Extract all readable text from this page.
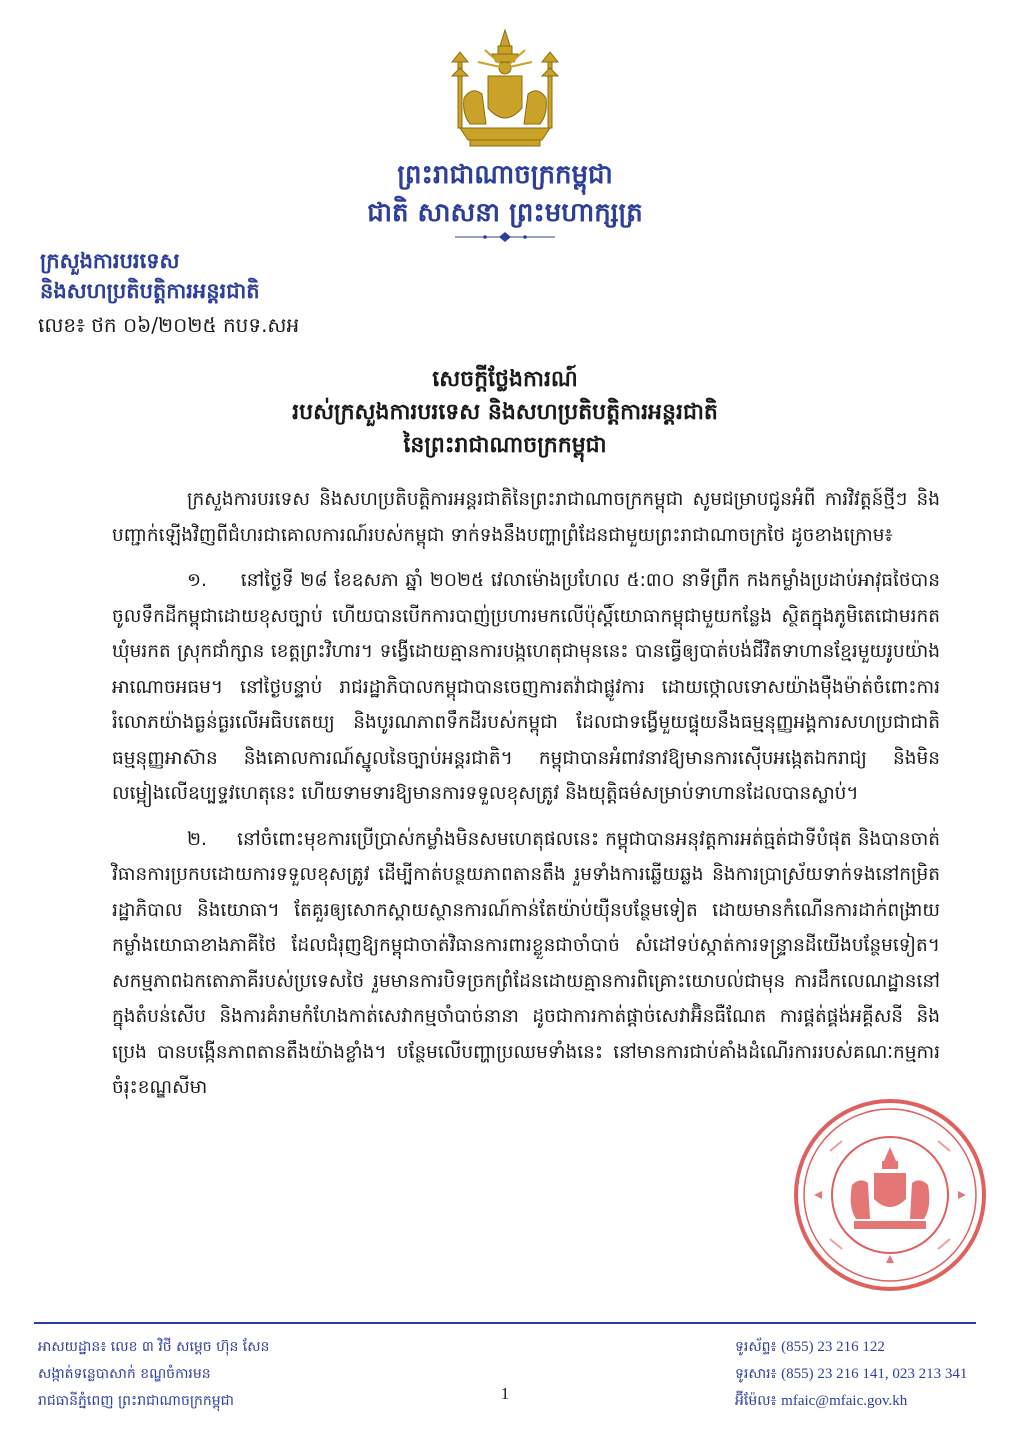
ព្រះរាជាណាចក្រកម្ពុជា
ជាតិ សាសនា ព្រះមហាក្សត្រ
ក្រសួងការបរទេស
និងសហប្រតិបត្តិការអន្តរជាតិ
លេខ៖ ថក ០៦/២០២៥ កបទ.សអ
សេចក្តីថ្លែងការណ៍
របស់ក្រសួងការបរទេស និងសហប្រតិបត្តិការអន្តរជាតិ
នៃព្រះរាជាណាចក្រកម្ពុជា

ក្រសួងការបរទេស និងសហប្រតិបត្តិការអន្តរជាតិនៃព្រះរាជាណាចក្រកម្ពុជា សូមជម្រាបជូនអំពី ការវិវត្តន៍ថ្មីៗ និងបញ្ជាក់ឡើងវិញពីជំហរជាគោលការណ៍របស់កម្ពុជា ទាក់ទងនឹងបញ្ហាព្រំដែនជាមួយព្រះរាជាណាចក្រថៃ ដូចខាងក្រោម៖

១.     នៅថ្ងៃទី ២៨ ខែឧសភា ឆ្នាំ ២០២៥ វេលាម៉ោងប្រហែល ៥:៣០ នាទីព្រឹក កងកម្លាំងប្រដាប់អាវុធថៃបានចូលទឹកដីកម្ពុជាដោយខុសច្បាប់ ហើយបានបើកការបាញ់ប្រហារមកលើប៉ុស្តិ៍យោធាកម្ពុជាមួយកន្លែង ស្ថិតក្នុងភូមិតេជោមរកត ឃុំមរកត ស្រុកជាំក្សាន ខេត្តព្រះវិហារ។ ទង្វើដោយគ្មានការបង្កហេតុជាមុននេះ បានធ្វើឲ្យបាត់បង់ជីវិតទាហានខ្មែរមួយរូបយ៉ាងអាណោចអធម។ នៅថ្ងៃបន្ទាប់ រាជរដ្ឋាភិបាលកម្ពុជាបានចេញការតវ៉ាជាផ្លូវការ ដោយថ្កោលទោសយ៉ាងម៉ឺងម៉ាត់ចំពោះការរំលោភយ៉ាងធ្ងន់ធ្ងរលើអធិបតេយ្យ និងបូរណភាពទឹកដីរបស់កម្ពុជា ដែលជាទង្វើមួយផ្ទុយនឹងធម្មនុញ្ញអង្គការសហប្រជាជាតិ ធម្មនុញ្ញអាស៊ាន និងគោលការណ៍ស្នូលនៃច្បាប់អន្តរជាតិ។ កម្ពុជាបានអំពាវនាវឱ្យមានការស៊ើបអង្កេតឯករាជ្យ និងមិនលម្អៀងលើឧប្បទ្ទវហេតុនេះ ហើយទាមទារឱ្យមានការទទួលខុសត្រូវ និងយុត្តិធម៌សម្រាប់ទាហានដែលបានស្លាប់។

២.     នៅចំពោះមុខការប្រើប្រាស់កម្លាំងមិនសមហេតុផលនេះ កម្ពុជាបានអនុវត្តការអត់ធ្មត់ជាទីបំផុត និងបានចាត់វិធានការប្រកបដោយការទទួលខុសត្រូវ ដើម្បីកាត់បន្ថយភាពតានតឹង រួមទាំងការឆ្លើយឆ្លង និងការប្រាស្រ័យទាក់ទងនៅកម្រិតរដ្ឋាភិបាល និងយោធា។ តែគួរឲ្យសោកស្តាយស្ថានការណ៍កាន់តែយ៉ាប់យ៉ឺនបន្ថែមទៀត ដោយមានកំណើនការដាក់ពង្រាយកម្លាំងយោធាខាងភាគីថៃ ដែលជំរុញឱ្យកម្ពុជាចាត់វិធានការពារខ្លួនជាចាំបាច់ សំដៅទប់ស្កាត់ការទន្ទ្រានដីយើងបន្ថែមទៀត។ សកម្មភាពឯកតោភាគីរបស់ប្រទេសថៃ រួមមានការបិទច្រកព្រំដែនដោយគ្មានការពិគ្រោះយោបល់ជាមុន ការដឹកលេណដ្ឋាននៅក្នុងតំបន់សើប និងការគំរាមកំហែងកាត់សេវាកម្មចាំបាច់នានា ដូចជាការកាត់ផ្តាច់សេវាអ៊ិនធឺណែត ការផ្គត់ផ្គង់អគ្គីសនី និងប្រេង បានបង្កើនភាពតានតឹងយ៉ាងខ្លាំង។ បន្ថែមលើបញ្ហាប្រឈមទាំងនេះ នៅមានការជាប់គាំងដំណើរការរបស់គណៈកម្មការចំរុះខណ្ឌសីមា

អាសយដ្ឋាន៖ លេខ ៣ វិថី សម្ដេច ហ៊ុន សែន
សង្កាត់ទន្លេបាសាក់ ខណ្ឌចំការមន
រាជធានីភ្នំពេញ ព្រះរាជាណាចក្រកម្ពុជា
ទូរស័ព្ទ៖ (855) 23 216 122
ទូរសារ៖ (855) 23 216 141, 023 213 341
អ៊ីម៉ែល៖ mfaic@mfaic.gov.kh
1
